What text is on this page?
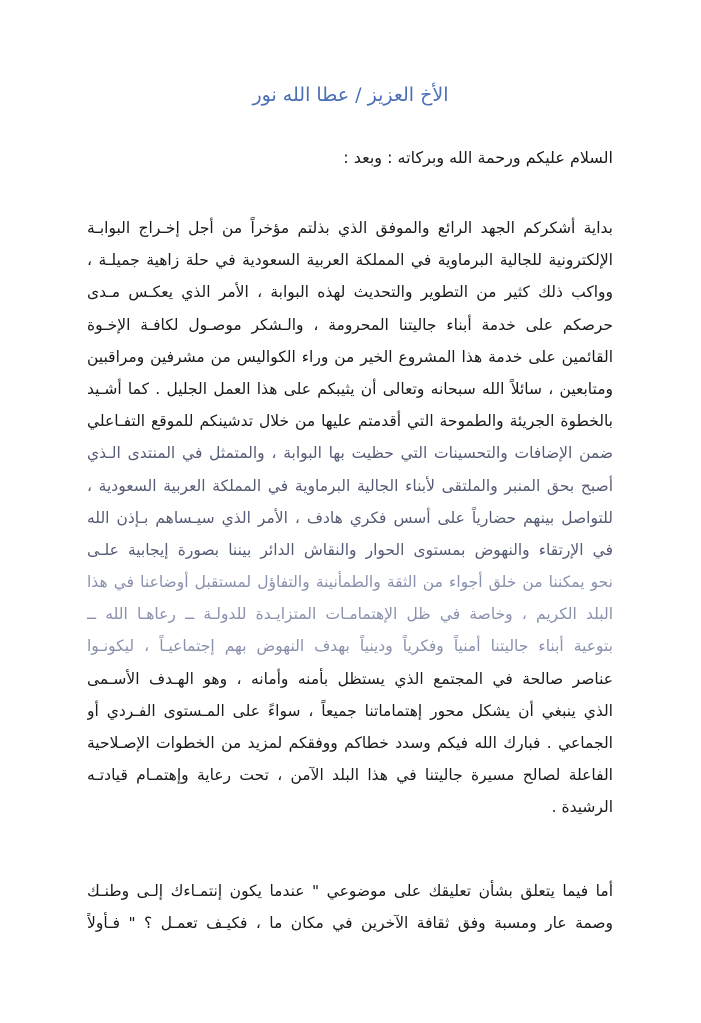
الأخ العزيز / عطا الله نور

السلام عليكم ورحمة الله وبركاته : وبعد :

بداية أشكركم الجهد الرائع والموفق الذي بذلتم مؤخراً من أجل إخـراج البوابـة
الإلكترونية للجالية البرماوية في المملكة العربية السعودية في حلة زاهية جميلـة ،
وواكب ذلك كثير من التطوير والتحديث لهذه البوابة ، الأمر الذي يعكـس مـدى
حرصكم على خدمة أبناء جاليتنا المحرومة ، والـشكر موصـول لكافـة الإخـوة
القائمين على خدمة هذا المشروع الخير من وراء الكواليس من مشرفين ومراقبين
ومتابعين ، سائلاً الله سبحانه وتعالى أن يثيبكم على هذا العمل الجليل . كما أشـيد
بالخطوة الجريئة والطموحة التي أقدمتم عليها من خلال تدشينكم للموقع التفـاعلي
ضمن الإضافات والتحسينات التي حظيت بها البوابة ، والمتمثل في المنتدى الـذي
أصبح بحق المنبر والملتقى لأبناء الجالية البرماوية في المملكة العربية السعودية ،
للتواصل بينهم حضارياً على أسس فكري هادف ، الأمر الذي سيـساهم بـإذن الله
في الإرتقاء والنهوض بمستوى الحوار والنقاش الدائر بيننا بصورة إيجابية علـى
نحو يمكننا من خلق أجواء من الثقة والطمأنينة والتفاؤل لمستقبل أوضاعنا في هذا
البلد الكريم ، وخاصة في ظل الإهتمامـات المتزايـدة للدولـة ــ رعاهـا الله ــ
بتوعية أبناء جاليتنا أمنياً وفكرياً ودينياً بهدف النهوض بهم إجتماعيـاً ، ليكونـوا
عناصر صالحة في المجتمع الذي يستظل بأمنه وأمانه ، وهو الهـدف الأسـمى
الذي ينبغي أن يشكل محور إهتماماتنا جميعاً ، سواءً على المـستوى الفـردي أو
الجماعي . فبارك الله فيكم وسدد خطاكم ووفقكم لمزيد من الخطوات الإصـلاحية
الفاعلة لصالح مسيرة جاليتنا في هذا البلد الآمن ، تحت رعاية وإهتمـام قيادتـه
الرشيدة .
أما فيما يتعلق بشأن تعليقك على موضوعي " عندما يكون إنتمـاءك إلـى وطنـك
وصمة عار ومسبة وفق ثقافة الآخرين في مكان ما ، فكيـف تعمـل ؟ " فـأولاً
